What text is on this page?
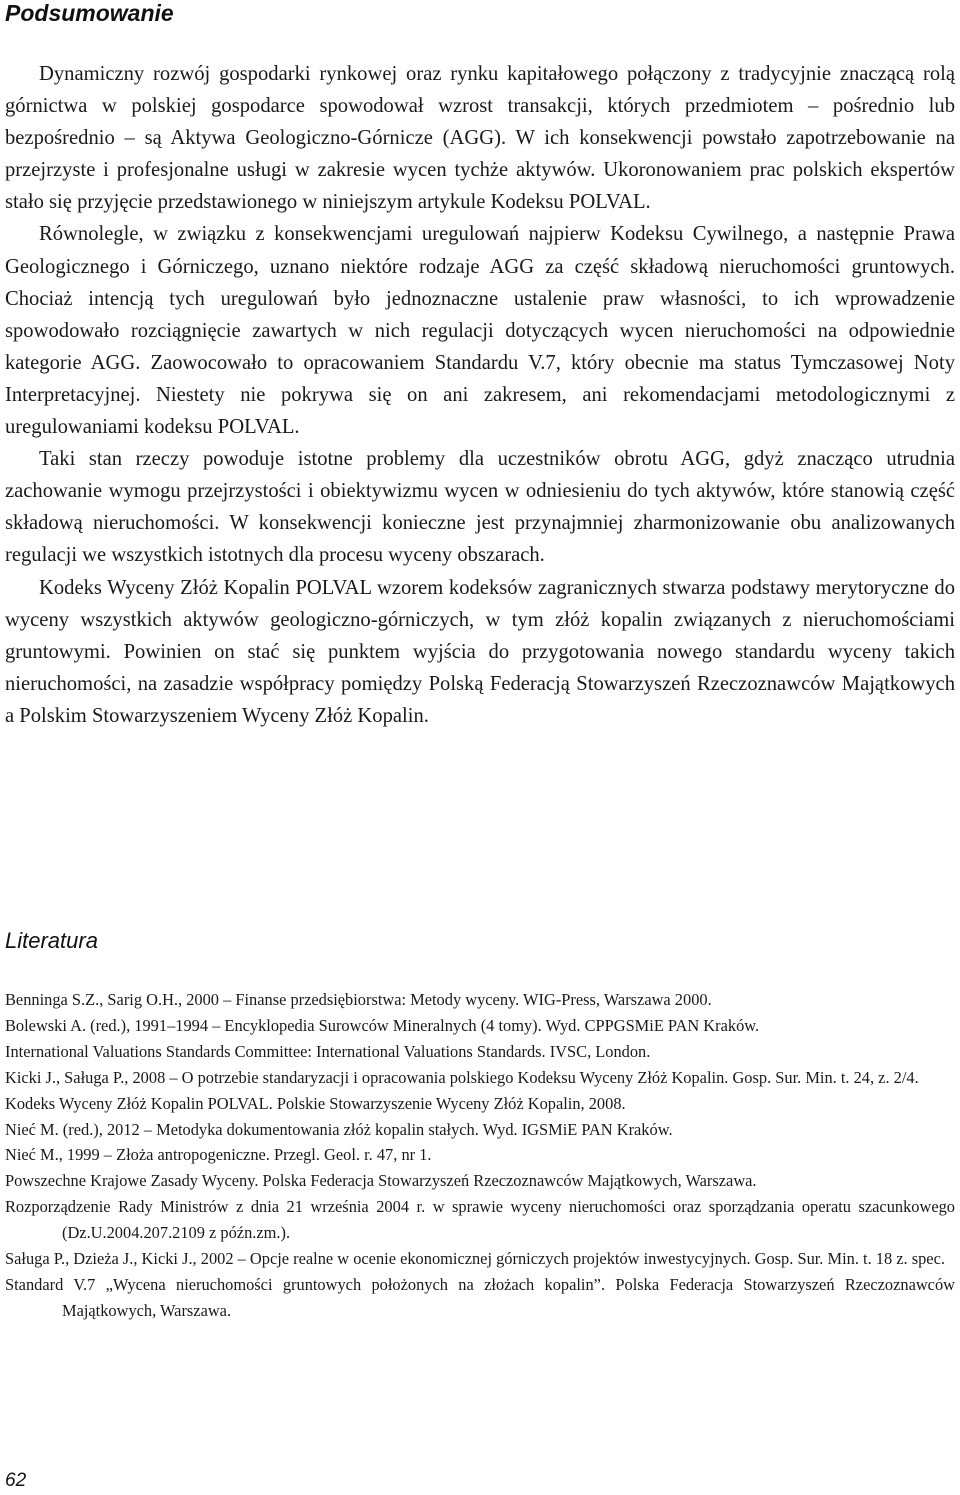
Podsumowanie

Dynamiczny rozwój gospodarki rynkowej oraz rynku kapitałowego połączony z tradycyjnie znaczącą rolą górnictwa w polskiej gospodarce spowodował wzrost transakcji, których przedmiotem – pośrednio lub bezpośrednio – są Aktywa Geologiczno-Górnicze (AGG). W ich konsekwencji powstało zapotrzebowanie na przejrzyste i profesjonalne usługi w zakresie wycen tychże aktywów. Ukoronowaniem prac polskich ekspertów stało się przyjęcie przedstawionego w niniejszym artykule Kodeksu POLVAL.

Równolegle, w związku z konsekwencjami uregulowań najpierw Kodeksu Cywilnego, a następnie Prawa Geologicznego i Górniczego, uznano niektóre rodzaje AGG za część składową nieruchomości gruntowych. Chociaż intencją tych uregulowań było jednoznaczne ustalenie praw własności, to ich wprowadzenie spowodowało rozciągnięcie zawartych w nich regulacji dotyczących wycen nieruchomości na odpowiednie kategorie AGG. Zaowocowało to opracowaniem Standardu V.7, który obecnie ma status Tymczasowej Noty Interpretacyjnej. Niestety nie pokrywa się on ani zakresem, ani rekomendacjami metodologicznymi z uregulowaniami kodeksu POLVAL.

Taki stan rzeczy powoduje istotne problemy dla uczestników obrotu AGG, gdyż znacząco utrudnia zachowanie wymogu przejrzystości i obiektywizmu wycen w odniesieniu do tych aktywów, które stanowią część składową nieruchomości. W konsekwencji konieczne jest przynajmniej zharmonizowanie obu analizowanych regulacji we wszystkich istotnych dla procesu wyceny obszarach.

Kodeks Wyceny Złóż Kopalin POLVAL wzorem kodeksów zagranicznych stwarza podstawy merytoryczne do wyceny wszystkich aktywów geologiczno-górniczych, w tym złóż kopalin związanych z nieruchomościami gruntowymi. Powinien on stać się punktem wyjścia do przygotowania nowego standardu wyceny takich nieruchomości, na zasadzie współpracy pomiędzy Polską Federacją Stowarzyszeń Rzeczoznawców Majątkowych a Polskim Stowarzyszeniem Wyceny Złóż Kopalin.

Literatura
Benninga S.Z., Sarig O.H., 2000 – Finanse przedsiębiorstwa: Metody wyceny. WIG-Press, Warszawa 2000.
Bolewski A. (red.), 1991–1994 – Encyklopedia Surowców Mineralnych (4 tomy). Wyd. CPPGSMiE PAN Kraków.
International Valuations Standards Committee: International Valuations Standards. IVSC, London.
Kicki J., Saługa P., 2008 – O potrzebie standaryzacji i opracowania polskiego Kodeksu Wyceny Złóż Kopalin. Gosp. Sur. Min. t. 24, z. 2/4.
Kodeks Wyceny Złóż Kopalin POLVAL. Polskie Stowarzyszenie Wyceny Złóż Kopalin, 2008.
Nieć M. (red.), 2012 – Metodyka dokumentowania złóż kopalin stałych. Wyd. IGSMiE PAN Kraków.
Nieć M., 1999 – Złoża antropogeniczne. Przegl. Geol. r. 47, nr 1.
Powszechne Krajowe Zasady Wyceny. Polska Federacja Stowarzyszeń Rzeczoznawców Majątkowych, Warszawa.
Rozporządzenie Rady Ministrów z dnia 21 września 2004 r. w sprawie wyceny nieruchomości oraz sporządzania operatu szacunkowego (Dz.U.2004.207.2109 z późn.zm.).
Saługa P., Dzieża J., Kicki J., 2002 – Opcje realne w ocenie ekonomicznej górniczych projektów inwestycyjnych. Gosp. Sur. Min. t. 18 z. spec.
Standard V.7 „Wycena nieruchomości gruntowych położonych na złożach kopalin”. Polska Federacja Stowarzyszeń Rzeczoznawców Majątkowych, Warszawa.
62
